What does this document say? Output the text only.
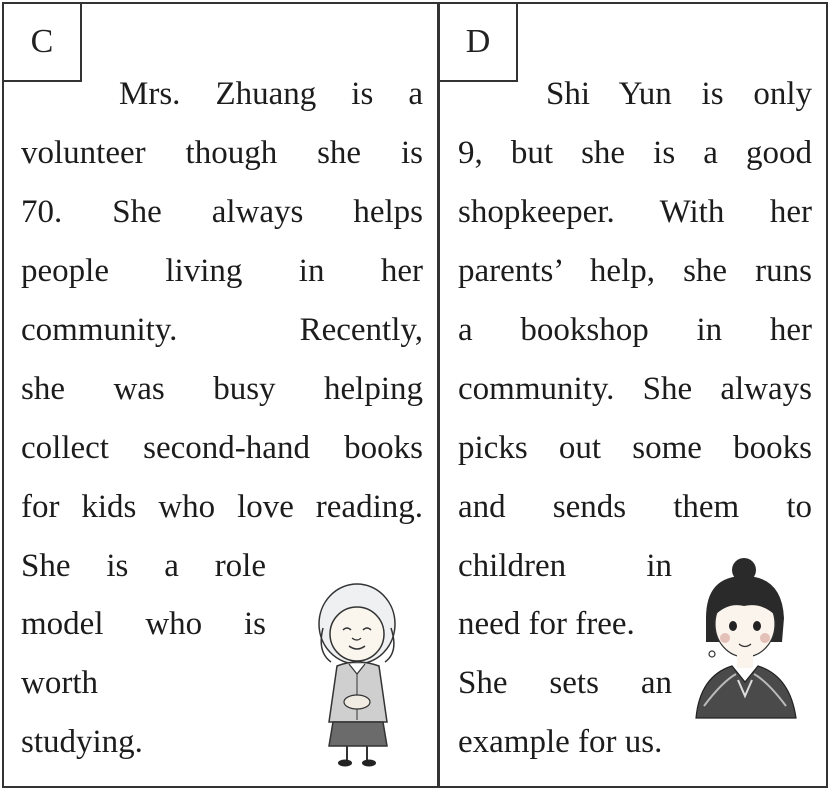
C
Mrs. Zhuang is a
volunteer though she is
70. She always helps
people living in her
community. Recently,
she was busy helping
collect second-hand books
for kids who love reading.
She is a role
model who is
worth
studying.
D
Shi Yun is only
9, but she is a good
shopkeeper. With her
parents’ help, she runs
a bookshop in her
community. She always
picks out some books
and sends them to
children in
need for free.
She sets an
example for us.
